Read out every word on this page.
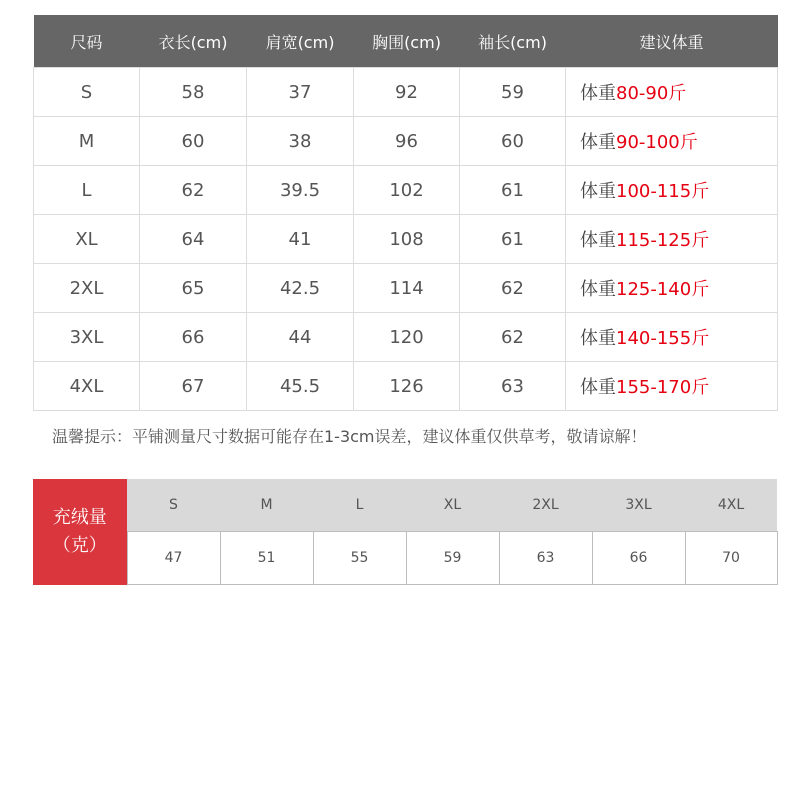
尺码	衣长(cm)	肩宽(cm)	胸围(cm)	袖长(cm)	建议体重
S	58	37	92	59	体重80-90斤
M	60	38	96	60	体重90-100斤
L	62	39.5	102	61	体重100-115斤
XL	64	41	108	61	体重115-125斤
2XL	65	42.5	114	62	体重125-140斤
3XL	66	44	120	62	体重140-155斤
4XL	67	45.5	126	63	体重155-170斤
温馨提示：平铺测量尺寸数据可能存在1-3cm误差，建议体重仅供草考，敬请谅解！
充绒量
（克）	S	M	L	XL	2XL	3XL	4XL
	47	51	55	59	63	66	70
